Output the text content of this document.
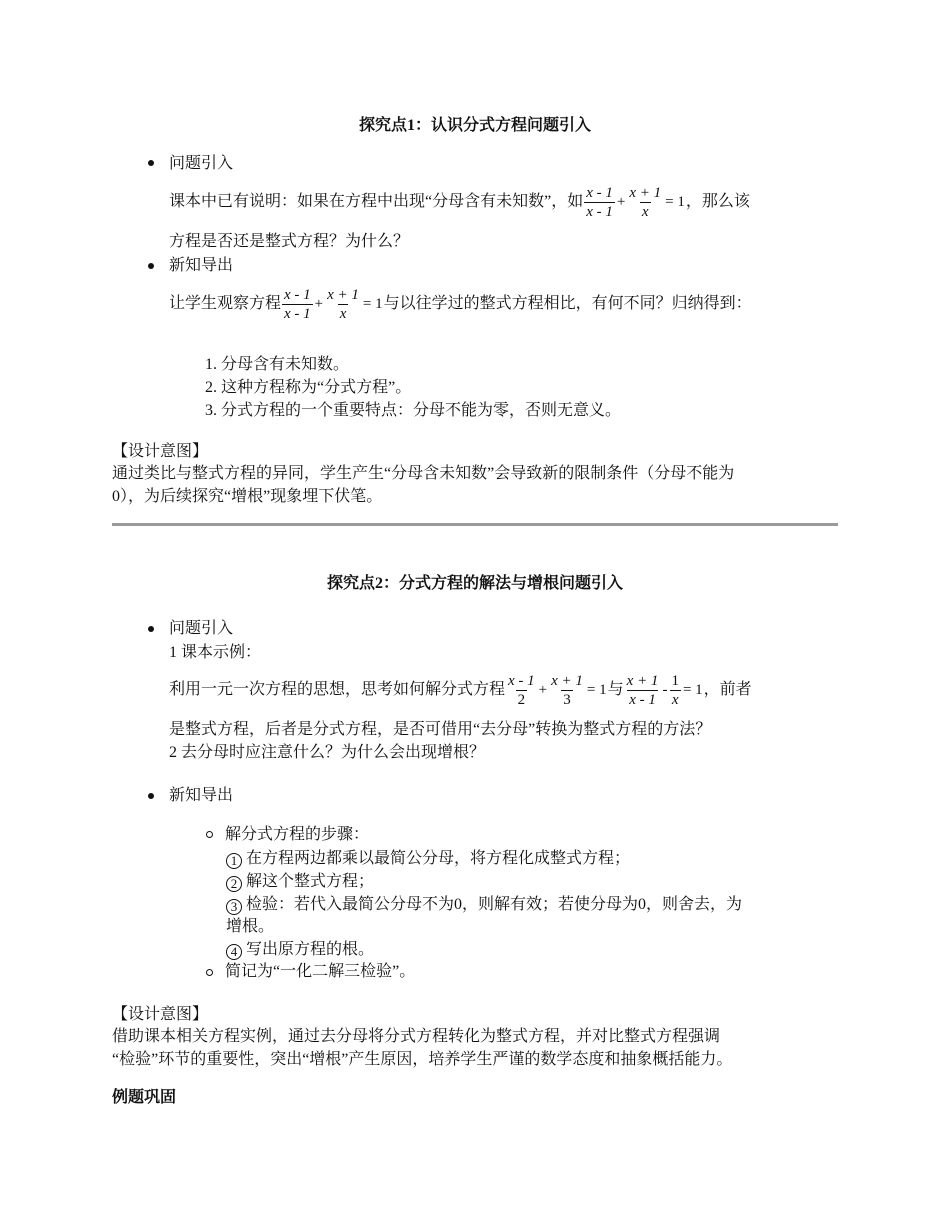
探究点1：认识分式方程问题引入
问题引入
课本中已有说明：如果在方程中出现“分母含有未知数”，如 $\frac{x - 1}{x - 1} + \frac{x + 1}{x} = 1$，那么该
方程是否还是整式方程？为什么？
新知导出
让学生观察方程 $\frac{x - 1}{x - 1} + \frac{x + 1}{x} = 1$与以往学过的整式方程相比，有何不同？归纳得到：
1. 分母含有未知数。
2. 这种方程称为“分式方程”。
3. 分式方程的一个重要特点：分母不能为零，否则无意义。
【设计意图】
通过类比与整式方程的异同，学生产生“分母含未知数”会导致新的限制条件（分母不能为
0），为后续探究“增根”现象埋下伏笔。
探究点2：分式方程的解法与增根问题引入
问题引入
1 课本示例：
利用一元一次方程的思想，思考如何解分式方程 $\frac{x - 1}{2} + \frac{x + 1}{3} = 1$与 $\frac{x + 1}{x - 1} - \frac{1}{x} = 1$，前者
是整式方程，后者是分式方程，是否可借用“去分母”转换为整式方程的方法？
2 去分母时应注意什么？为什么会出现增根？
新知导出
解分式方程的步骤：
1 在方程两边都乘以最简公分母，将方程化成整式方程；
2 解这个整式方程；
3 检验：若代入最简公分母不为0，则解有效；若使分母为0，则舍去，为
增根。
4 写出原方程的根。
简记为“一化二解三检验”。
【设计意图】
借助课本相关方程实例，通过去分母将分式方程转化为整式方程，并对比整式方程强调
“检验”环节的重要性，突出“增根”产生原因，培养学生严谨的数学态度和抽象概括能力。
例题巩固
